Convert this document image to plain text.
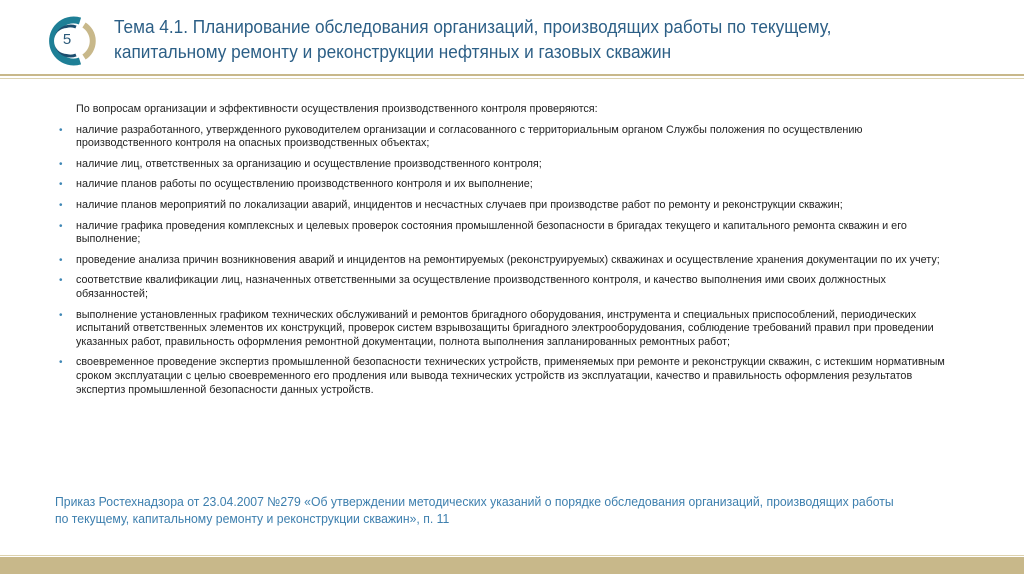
5
Тема 4.1. Планирование обследования организаций, производящих работы по текущему, капитальному ремонту и реконструкции нефтяных и газовых скважин

По вопросам организации и эффективности осуществления производственного контроля проверяются:

• наличие разработанного, утвержденного руководителем организации и согласованного с территориальным органом Службы положения по осуществлению производственного контроля на опасных производственных объектах;
• наличие лиц, ответственных за организацию и осуществление производственного контроля;
• наличие планов работы по осуществлению производственного контроля и их выполнение;
• наличие планов мероприятий по локализации аварий, инцидентов и несчастных случаев при производстве работ по ремонту и реконструкции скважин;
• наличие графика проведения комплексных и целевых проверок состояния промышленной безопасности в бригадах текущего и капитального ремонта скважин и его выполнение;
• проведение анализа причин возникновения аварий и инцидентов на ремонтируемых (реконструируемых) скважинах и осуществление хранения документации по их учету;
• соответствие квалификации лиц, назначенных ответственными за осуществление производственного контроля, и качество выполнения ими своих должностных обязанностей;
• выполнение установленных графиком технических обслуживаний и ремонтов бригадного оборудования, инструмента и специальных приспособлений, периодических испытаний ответственных элементов их конструкций, проверок систем взрывозащиты бригадного электрооборудования, соблюдение требований правил при проведении указанных работ, правильность оформления ремонтной документации, полнота выполнения запланированных ремонтных работ;
• своевременное проведение экспертиз промышленной безопасности технических устройств, применяемых при ремонте и реконструкции скважин, с истекшим нормативным сроком эксплуатации с целью своевременного его продления или вывода технических устройств из эксплуатации, качество и правильность оформления результатов экспертиз промышленной безопасности данных устройств.

Приказ Ростехнадзора от 23.04.2007 №279 «Об утверждении методических указаний о порядке обследования организаций, производящих работы по текущему, капитальному ремонту и реконструкции скважин», п. 11
